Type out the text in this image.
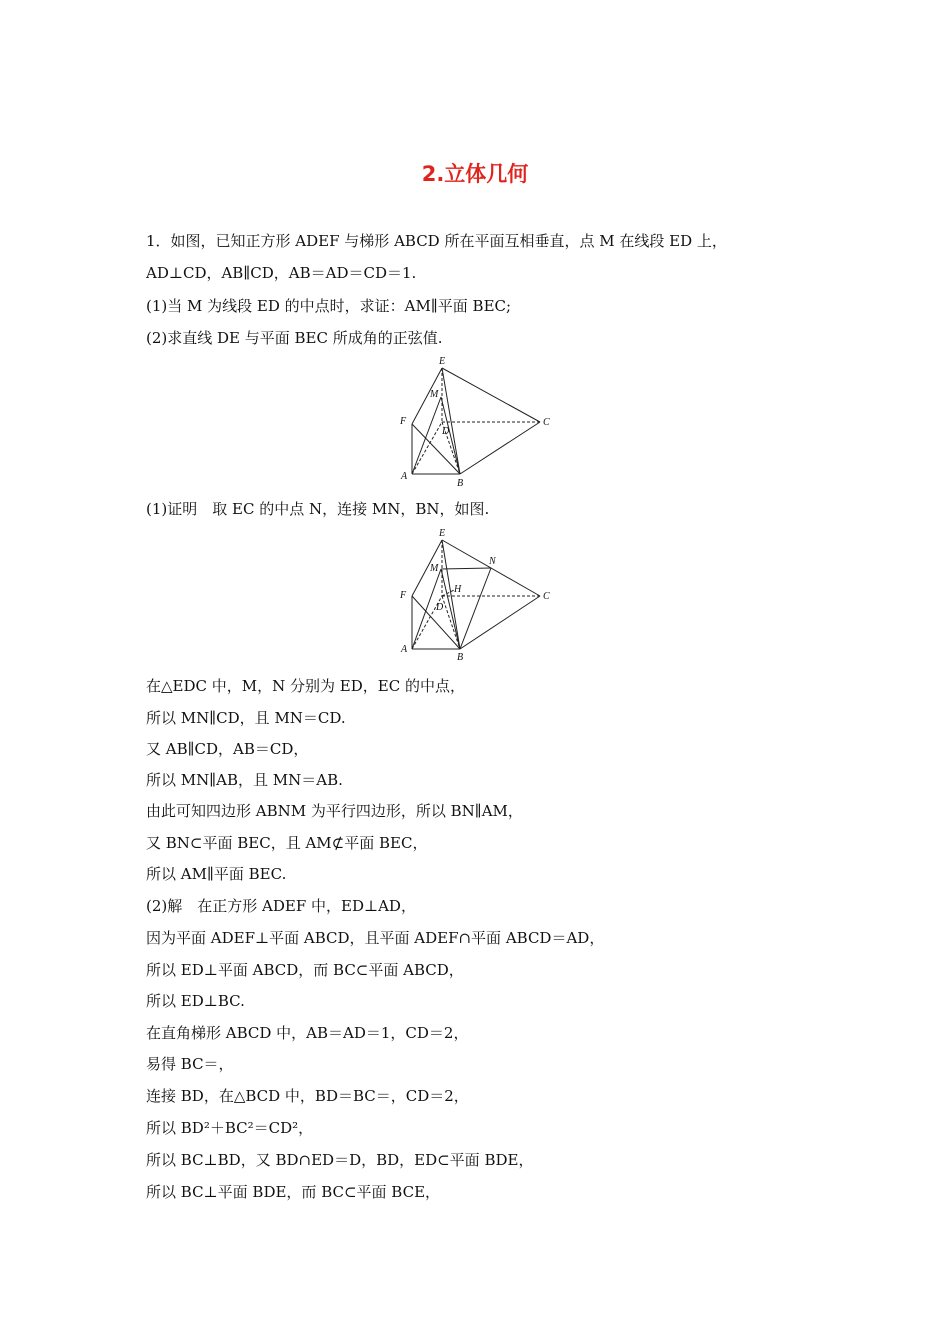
2.立体几何
1．如图，已知正方形 ADEF 与梯形 ABCD 所在平面互相垂直，点 M 在线段 ED 上，
AD⊥CD，AB∥CD，AB＝AD＝CD＝1.
(1)当 M 为线段 ED 的中点时，求证：AM∥平面 BEC;
(2)求直线 DE 与平面 BEC 所成角的正弦值.
E
M
F
D
C
A
B
(1)证明　取 EC 的中点 N，连接 MN，BN，如图.
E
N
M
H
F
D
C
A
B
在△EDC 中，M，N 分别为 ED，EC 的中点，
所以 MN∥CD，且 MN＝CD.
又 AB∥CD，AB＝CD，
所以 MN∥AB，且 MN＝AB.
由此可知四边形 ABNM 为平行四边形，所以 BN∥AM，
又 BN⊂平面 BEC，且 AM⊄平面 BEC，
所以 AM∥平面 BEC.
(2)解　在正方形 ADEF 中，ED⊥AD，
因为平面 ADEF⊥平面 ABCD，且平面 ADEF∩平面 ABCD＝AD，
所以 ED⊥平面 ABCD，而 BC⊂平面 ABCD，
所以 ED⊥BC.
在直角梯形 ABCD 中，AB＝AD＝1，CD＝2，
易得 BC＝，
连接 BD，在△BCD 中，BD＝BC＝，CD＝2，
所以 BD²＋BC²＝CD²，
所以 BC⊥BD，又 BD∩ED＝D，BD，ED⊂平面 BDE，
所以 BC⊥平面 BDE，而 BC⊂平面 BCE，
